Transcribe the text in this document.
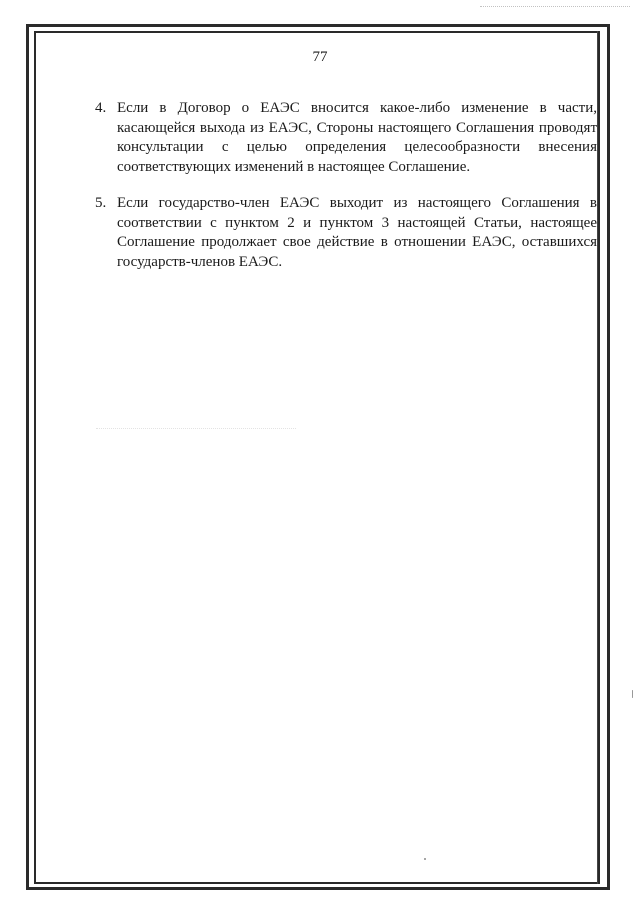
77
4. Если в Договор о ЕАЭС вносится какое-либо изменение в части, касающейся выхода из ЕАЭС, Стороны настоящего Соглашения проводят консультации с целью определения целесообразности внесения соответствующих изменений в настоящее Соглашение.
5. Если государство-член ЕАЭС выходит из настоящего Соглашения в соответствии с пунктом 2 и пунктом 3 настоящей Статьи, настоящее Соглашение продолжает свое действие в отношении ЕАЭС, оставшихся государств-членов ЕАЭС.
